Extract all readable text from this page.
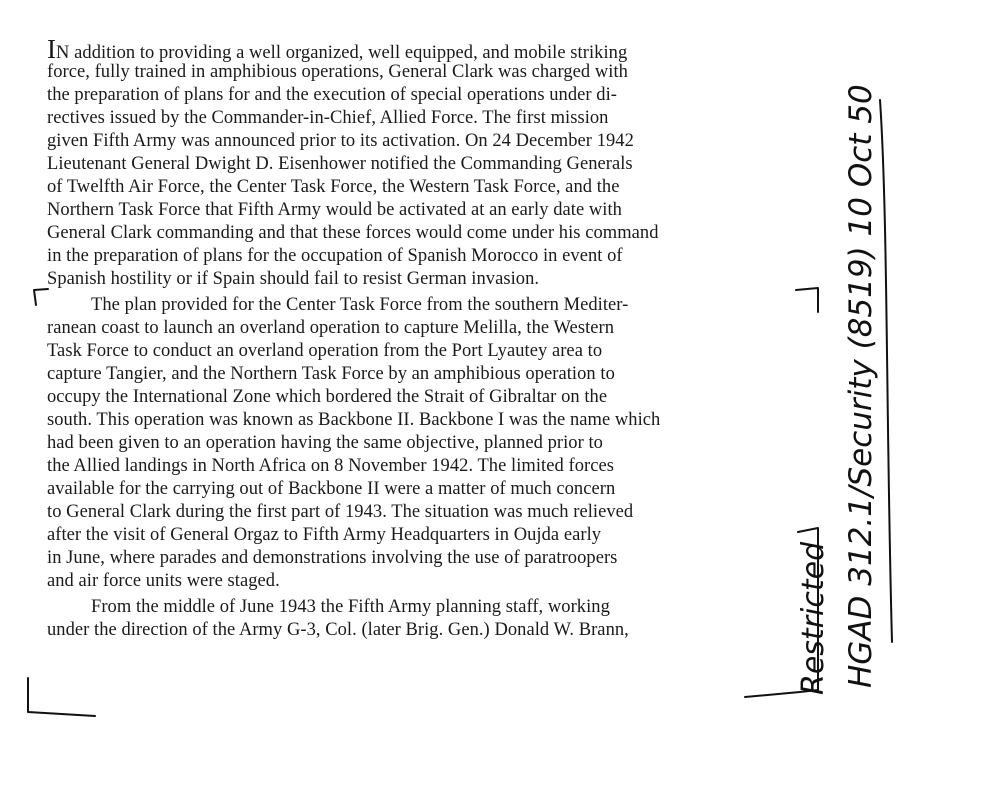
IN addition to providing a well organized, well equipped, and mobile striking
force, fully trained in amphibious operations, General Clark was charged with
the preparation of plans for and the execution of special operations under di-
rectives issued by the Commander-in-Chief, Allied Force. The first mission
given Fifth Army was announced prior to its activation. On 24 December 1942
Lieutenant General Dwight D. Eisenhower notified the Commanding Generals
of Twelfth Air Force, the Center Task Force, the Western Task Force, and the
Northern Task Force that Fifth Army would be activated at an early date with
General Clark commanding and that these forces would come under his command
in the preparation of plans for the occupation of Spanish Morocco in event of
Spanish hostility or if Spain should fail to resist German invasion.
The plan provided for the Center Task Force from the southern Mediter-
ranean coast to launch an overland operation to capture Melilla, the Western
Task Force to conduct an overland operation from the Port Lyautey area to
capture Tangier, and the Northern Task Force by an amphibious operation to
occupy the International Zone which bordered the Strait of Gibraltar on the
south. This operation was known as Backbone II. Backbone I was the name which
had been given to an operation having the same objective, planned prior to
the Allied landings in North Africa on 8 November 1942. The limited forces
available for the carrying out of Backbone II were a matter of much concern
to General Clark during the first part of 1943. The situation was much relieved
after the visit of General Orgaz to Fifth Army Headquarters in Oujda early
in June, where parades and demonstrations involving the use of paratroopers
and air force units were staged.
From the middle of June 1943 the Fifth Army planning staff, working
under the direction of the Army G-3, Col. (later Brig. Gen.) Donald W. Brann,	Restricted HGAD 312.1/Security (8519) 10 Oct 50
